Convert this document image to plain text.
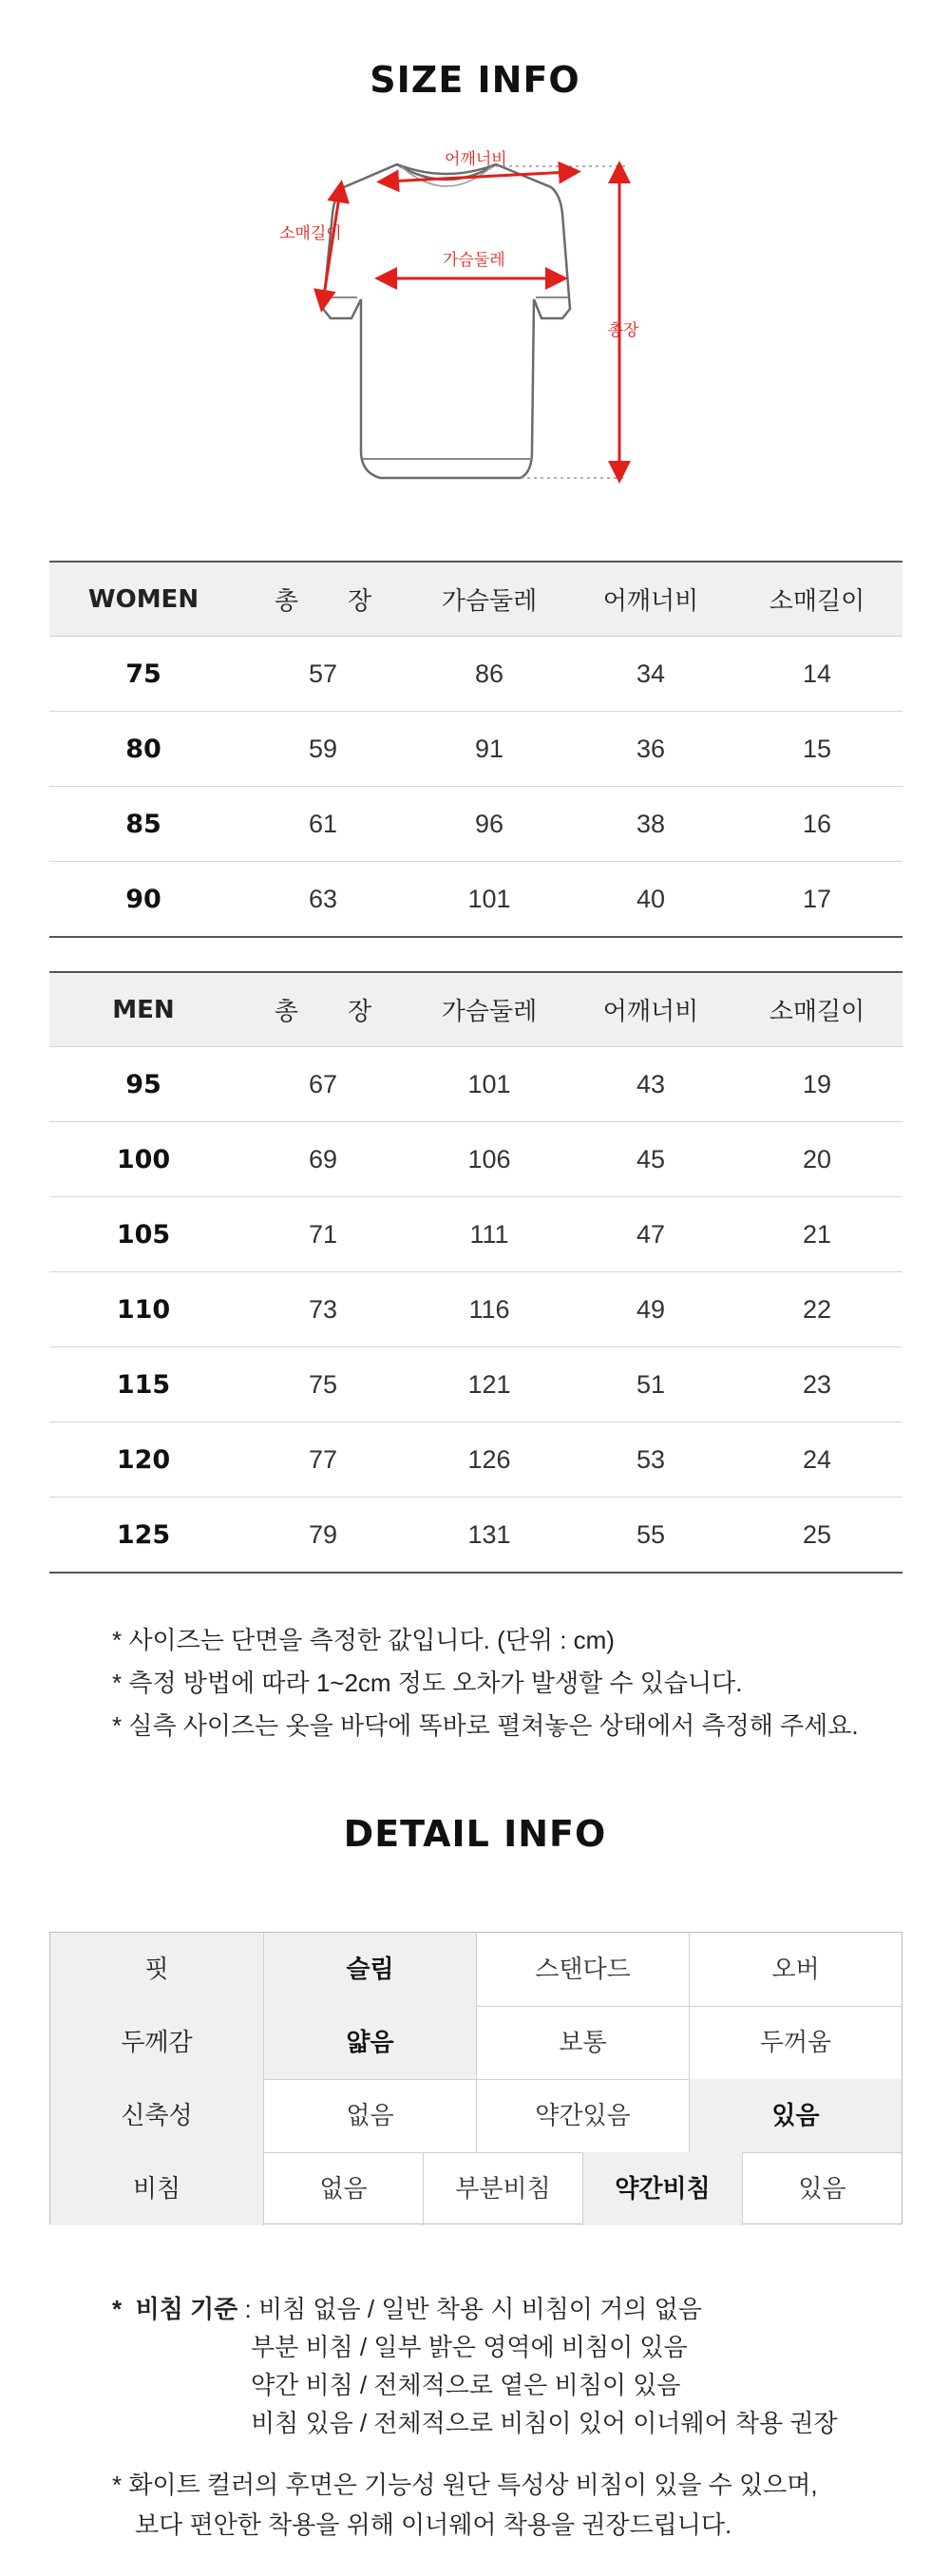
SIZE INFO
어깨너비
소매길이
가슴둘레
총장
WOMEN	총　　장	가슴둘레	어깨너비	소매길이
75	57	86	34	14
80	59	91	36	15
85	61	96	38	16
90	63	101	40	17
MEN	총　　장	가슴둘레	어깨너비	소매길이
95	67	101	43	19
100	69	106	45	20
105	71	111	47	21
110	73	116	49	22
115	75	121	51	23
120	77	126	53	24
125	79	131	55	25
* 사이즈는 단면을 측정한 값입니다. (단위 : cm)
* 측정 방법에 따라 1~2cm 정도 오차가 발생할 수 있습니다.
* 실측 사이즈는 옷을 바닥에 똑바로 펼쳐놓은 상태에서 측정해 주세요.
DETAIL INFO
핏	슬림	스탠다드	오버
두께감	얇음	보통	두꺼움
신축성	없음	약간있음	있음
비침	없음	부분비침	약간비침	있음
* 비침 기준 : 비침 없음 / 일반 착용 시 비침이 거의 없음
부분 비침 / 일부 밝은 영역에 비침이 있음
약간 비침 / 전체적으로 옅은 비침이 있음
비침 있음 / 전체적으로 비침이 있어 이너웨어 착용 권장
* 화이트 컬러의 후면은 기능성 원단 특성상 비침이 있을 수 있으며,
보다 편안한 착용을 위해 이너웨어 착용을 권장드립니다.
